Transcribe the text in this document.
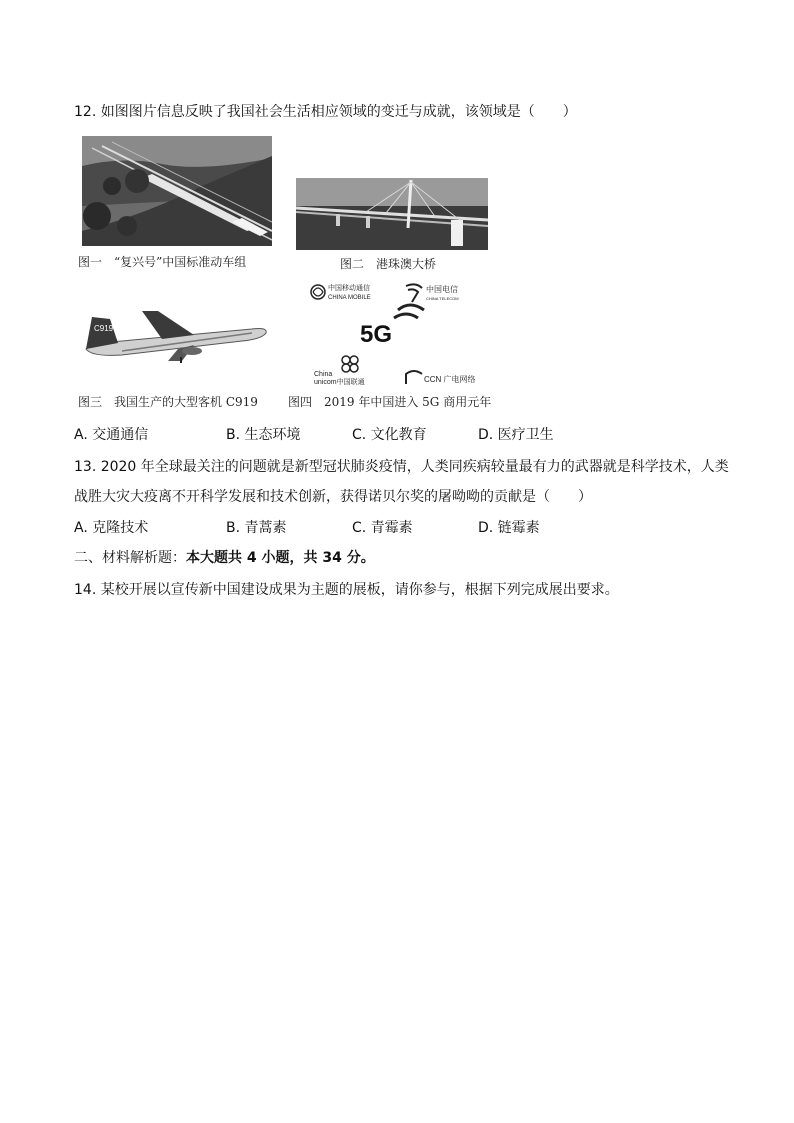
12. 如图图片信息反映了我国社会生活相应领域的变迁与成就，该领域是（　　）
图一　“复兴号”中国标准动车组	图二　港珠澳大桥
C919
图三　我国生产的大型客机 C919
中国移动通信
CHINA MOBILE
中国电信
CHINA TELECOM
5G
China
unicom中国联通	CCN 广电网络
图四　2019 年中国进入 5G 商用元年
A. 交通通信	B. 生态环境	C. 文化教育	D. 医疗卫生
13. 2020 年全球最关注的问题就是新型冠状肺炎疫情，人类同疾病较量最有力的武器就是科学技术，人类
战胜大灾大疫离不开科学发展和技术创新，获得诺贝尔奖的屠呦呦的贡献是（　　）
A. 克隆技术	B. 青蒿素	C. 青霉素	D. 链霉素
二、材料解析题：本大题共 4 小题，共 34 分。
14. 某校开展以宣传新中国建设成果为主题的展板，请你参与，根据下列完成展出要求。
